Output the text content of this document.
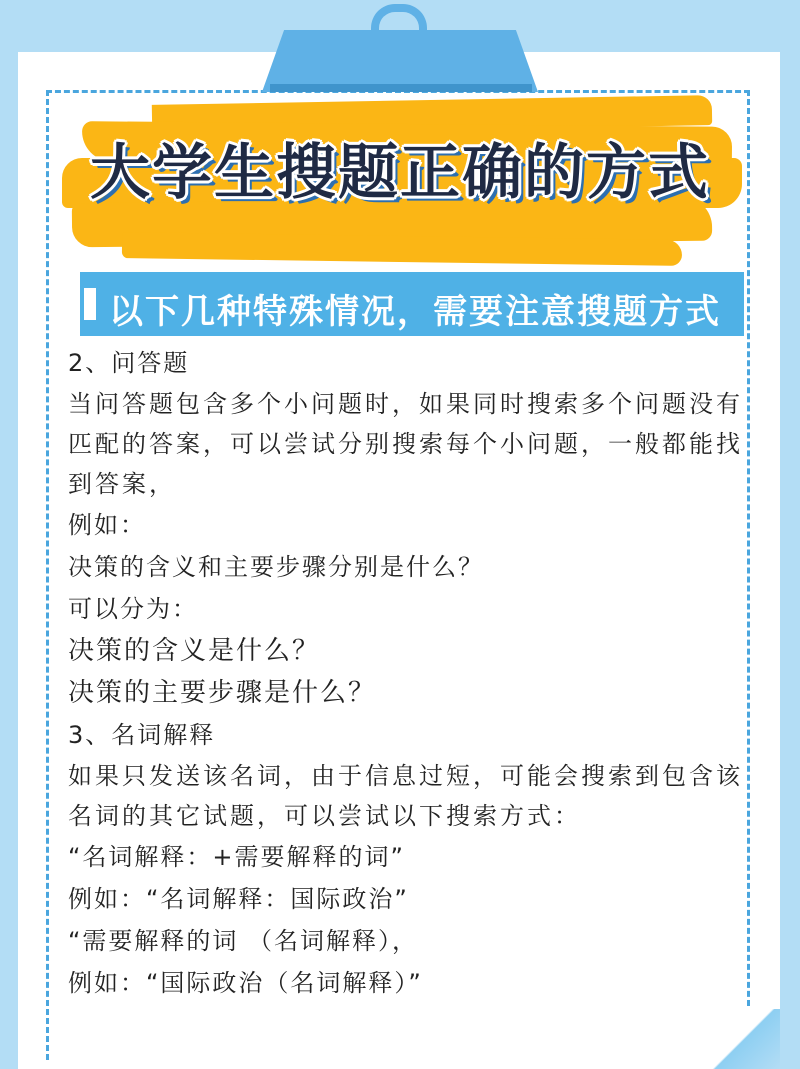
大学生搜题正确的方式
以下几种特殊情况，需要注意搜题方式
2、问答题
当问答题包含多个小问题时，如果同时搜索多个问题没有匹配的答案，可以尝试分别搜索每个小问题，一般都能找到答案，
例如：
决策的含义和主要步骤分别是什么？
可以分为：
决策的含义是什么？
决策的主要步骤是什么？
3、名词解释
如果只发送该名词，由于信息过短，可能会搜索到包含该名词的其它试题，可以尝试以下搜索方式：
“名词解释：+需要解释的词”
例如：“名词解释：国际政治”
“需要解释的词 （名词解释），
例如：“国际政治（名词解释）”
